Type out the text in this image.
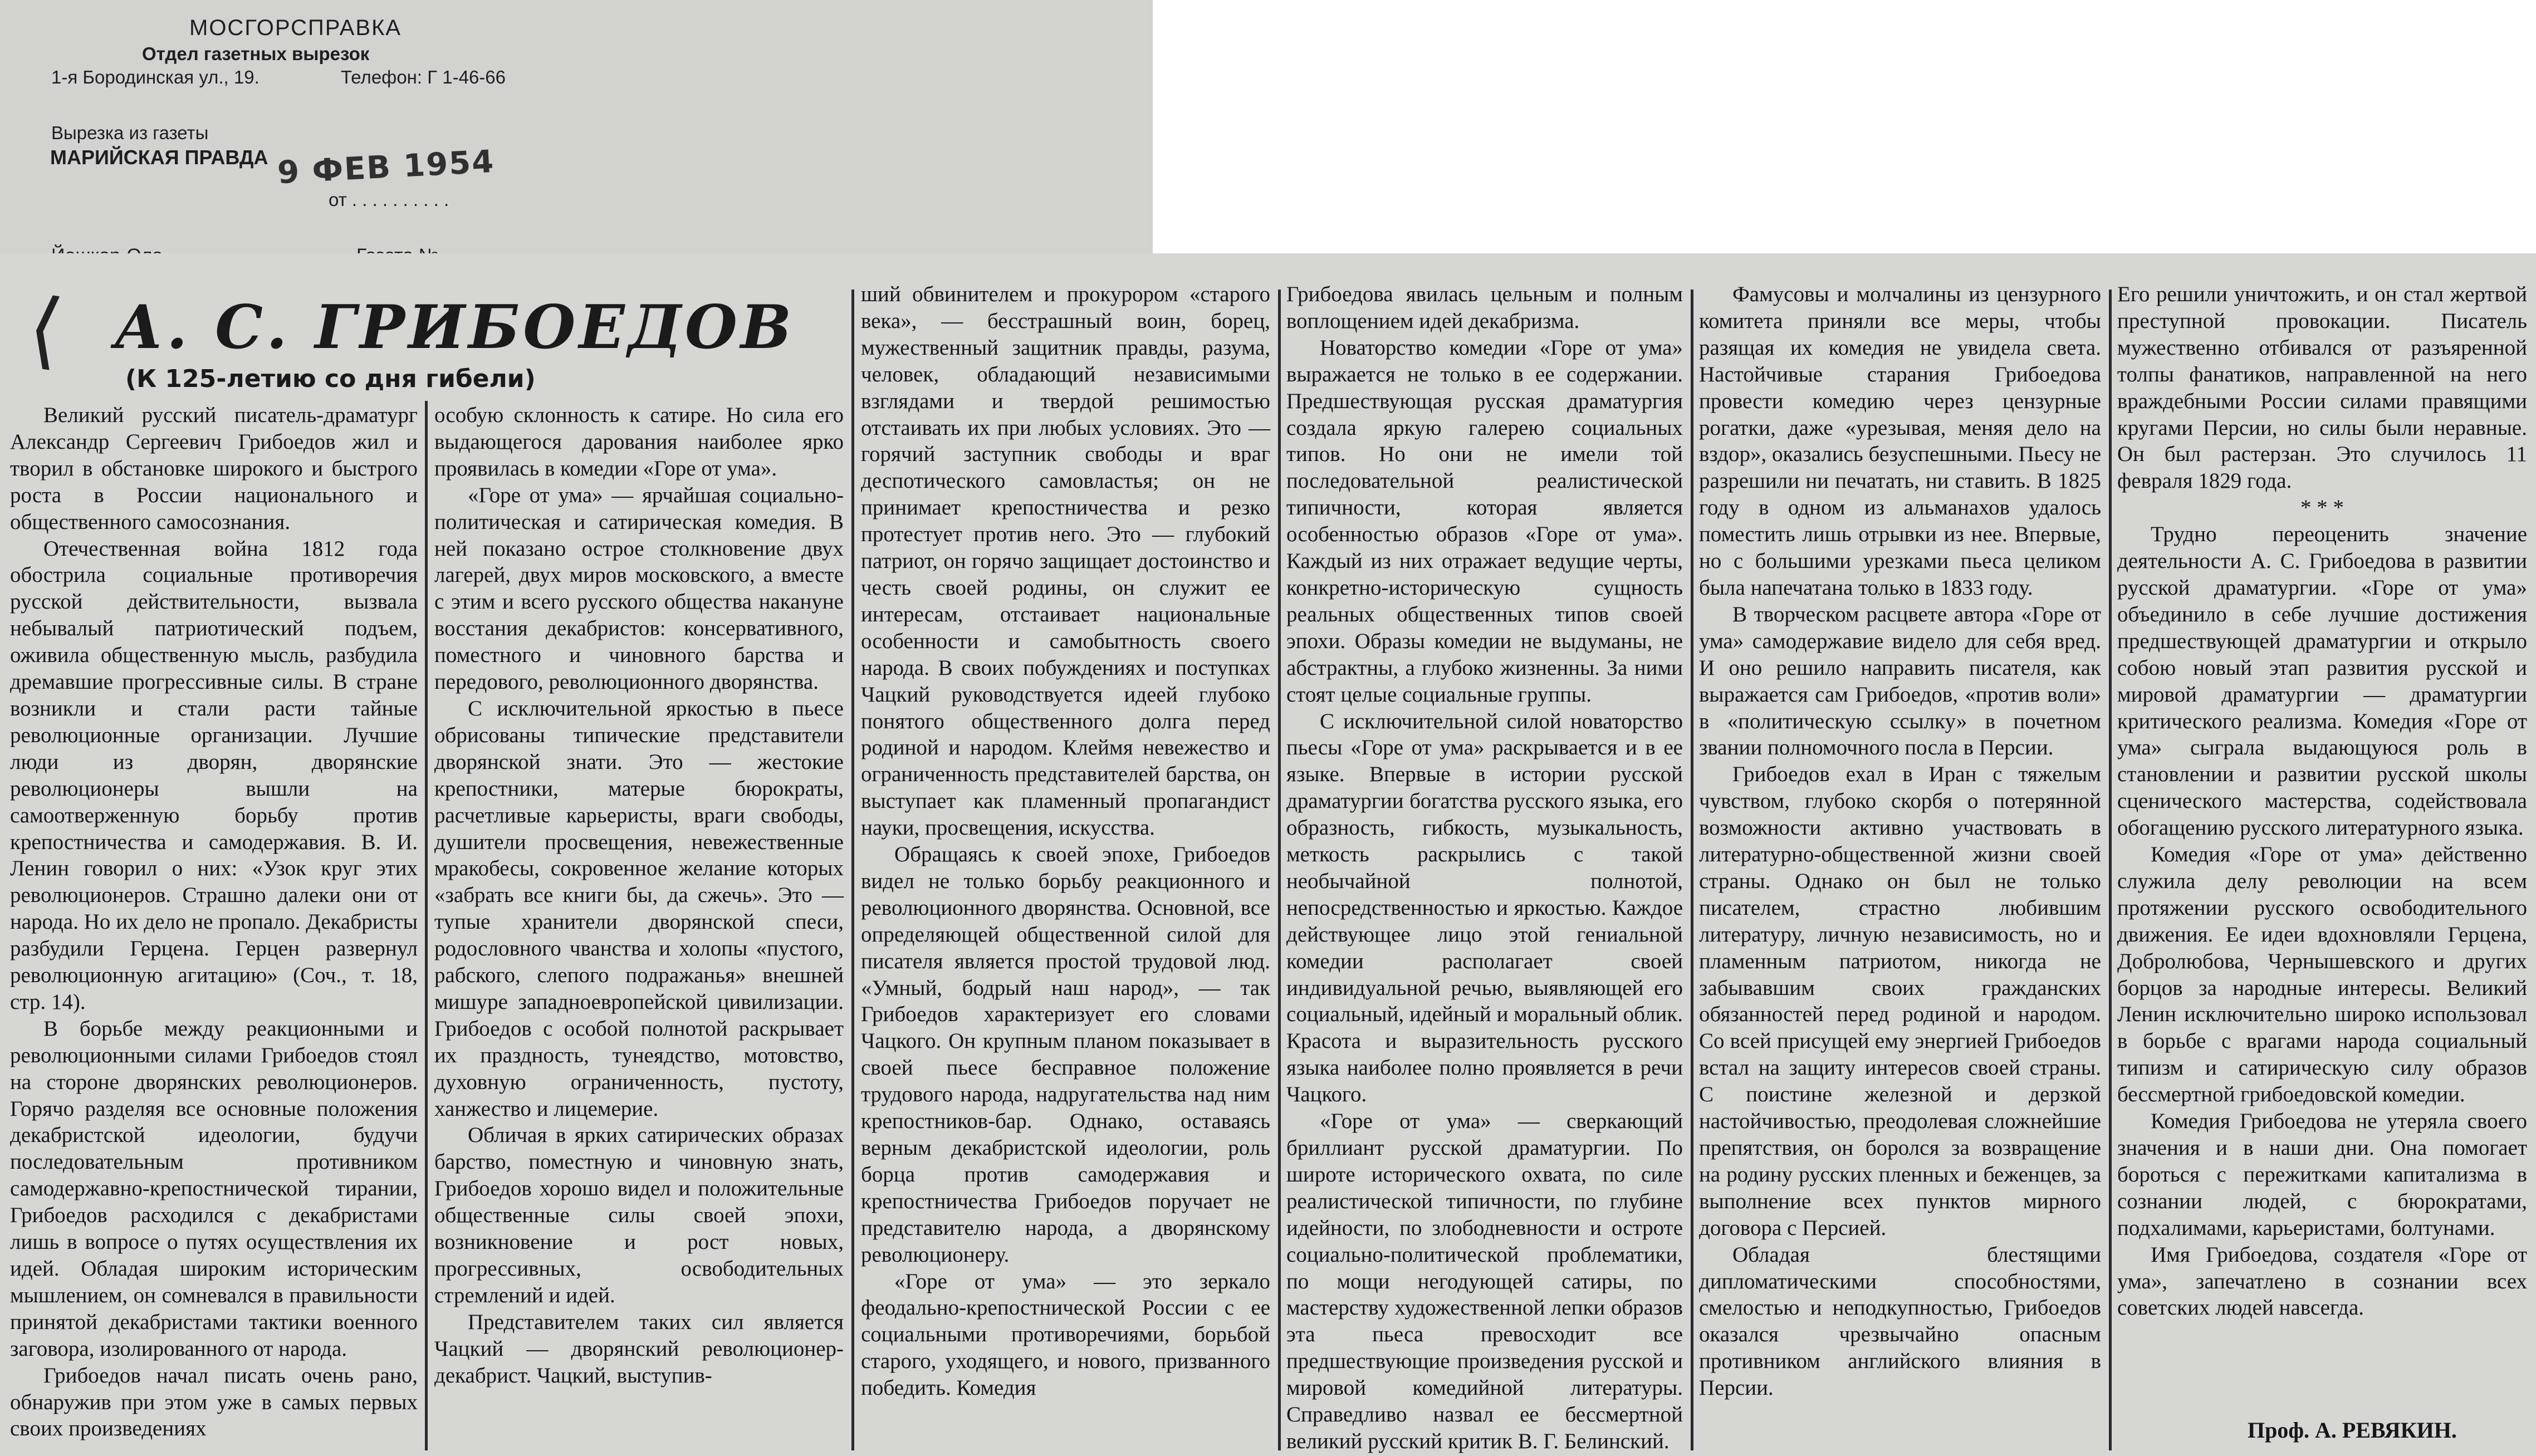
МОСГОРСПРАВКА
Отдел газетных вырезок
1-я Бородинская ул., 19.	Телефон: Г 1-46-66
Вырезка из газеты
МАРИЙСКАЯ ПРАВДА 9 ФЕВ 1954
от . . . . . . . . . .
⟨ А. С. ГРИБОЕДОВ
(К 125-летию со дня гибели)

Великий русский писатель-драматург Александр Сергеевич Грибоедов жил и творил в обстановке широкого и быстрого роста в России национального и общественного самосознания.

Отечественная война 1812 года обострила социальные противоречия русской действительности, вызвала небывалый патриотический подъем, оживила общественную мысль, разбудила дремавшие прогрессивные силы. В стране возникли и стали расти тайные революционные организации. Лучшие люди из дворян, дворянские революционеры вышли на самоотверженную борьбу против крепостничества и самодержавия. В. И. Ленин говорил о них: «Узок круг этих революционеров. Страшно далеки они от народа. Но их дело не пропало. Декабристы разбудили Герцена. Герцен развернул революционную агитацию» (Соч., т. 18, стр. 14).

В борьбе между реакционными и революционными силами Грибоедов стоял на стороне дворянских революционеров. Горячо разделяя все основные положения декабристской идеологии, будучи последовательным противником самодержавно-крепостнической тирании, Грибоедов расходился с декабристами лишь в вопросе о путях осуществления их идей. Обладая широким историческим мышлением, он сомневался в правильности принятой декабристами тактики военного заговора, изолированного от народа.

Грибоедов начал писать очень рано, обнаружив при этом уже в самых первых своих произведениях

особую склонность к сатире. Но сила его выдающегося дарования наиболее ярко проявилась в комедии «Горе от ума».

«Горе от ума» — ярчайшая социально-политическая и сатирическая комедия. В ней показано острое столкновение двух лагерей, двух миров московского, а вместе с этим и всего русского общества накануне восстания декабристов: консервативного, поместного и чиновного барства и передового, революционного дворянства.

С исключительной яркостью в пьесе обрисованы типические представители дворянской знати. Это — жестокие крепостники, матерые бюрократы, расчетливые карьеристы, враги свободы, душители просвещения, невежественные мракобесы, сокровенное желание которых «забрать все книги бы, да сжечь». Это — тупые хранители дворянской спеси, родословного чванства и холопы «пустого, рабского, слепого подражанья» внешней мишуре западноевропейской цивилизации. Грибоедов с особой полнотой раскрывает их праздность, тунеядство, мотовство, духовную ограниченность, пустоту, ханжество и лицемерие.

Обличая в ярких сатирических образах барство, поместную и чиновную знать, Грибоедов хорошо видел и положительные общественные силы своей эпохи, возникновение и рост новых, прогрессивных, освободительных стремлений и идей.

Представителем таких сил является Чацкий — дворянский революционер-декабрист. Чацкий, выступив-

ший обвинителем и прокурором «старого века», — бесстрашный воин, борец, мужественный защитник правды, разума, человек, обладающий независимыми взглядами и твердой решимостью отстаивать их при любых условиях. Это — горячий заступник свободы и враг деспотического самовластья; он не принимает крепостничества и резко протестует против него. Это — глубокий патриот, он горячо защищает достоинство и честь своей родины, он служит ее интересам, отстаивает национальные особенности и самобытность своего народа. В своих побуждениях и поступках Чацкий руководствуется идеей глубоко понятого общественного долга перед родиной и народом. Клеймя невежество и ограниченность представителей барства, он выступает как пламенный пропагандист науки, просвещения, искусства.

Обращаясь к своей эпохе, Грибоедов видел не только борьбу реакционного и революционного дворянства. Основной, все определяющей общественной силой для писателя является простой трудовой люд. «Умный, бодрый наш народ», — так Грибоедов характеризует его словами Чацкого. Он крупным планом показывает в своей пьесе бесправное положение трудового народа, надругательства над ним крепостников-бар. Однако, оставаясь верным декабристской идеологии, роль борца против самодержавия и крепостничества Грибоедов поручает не представителю народа, а дворянскому революционеру.

«Горе от ума» — это зеркало феодально-крепостнической России с ее социальными противоречиями, борьбой старого, уходящего, и нового, призванного победить. Комедия

Грибоедова явилась цельным и полным воплощением идей декабризма.

Новаторство комедии «Горе от ума» выражается не только в ее содержании. Предшествующая русская драматургия создала яркую галерею социальных типов. Но они не имели той последовательной реалистической типичности, которая является особенностью образов «Горе от ума». Каждый из них отражает ведущие черты, конкретно-историческую сущность реальных общественных типов своей эпохи. Образы комедии не выдуманы, не абстрактны, а глубоко жизненны. За ними стоят целые социальные группы.

С исключительной силой новаторство пьесы «Горе от ума» раскрывается и в ее языке. Впервые в истории русской драматургии богатства русского языка, его образность, гибкость, музыкальность, меткость раскрылись с такой необычайной полнотой, непосредственностью и яркостью. Каждое действующее лицо этой гениальной комедии располагает своей индивидуальной речью, выявляющей его социальный, идейный и моральный облик. Красота и выразительность русского языка наиболее полно проявляется в речи Чацкого.

«Горе от ума» — сверкающий бриллиант русской драматургии. По широте исторического охвата, по силе реалистической типичности, по глубине идейности, по злободневности и остроте социально-политической проблематики, по мощи негодующей сатиры, по мастерству художественной лепки образов эта пьеса превосходит все предшествующие произведения русской и мировой комедийной литературы. Справедливо назвал ее бессмертной великий русский критик В. Г. Белинский.

Фамусовы и молчалины из цензурного комитета приняли все меры, чтобы разящая их комедия не увидела света. Настойчивые старания Грибоедова провести комедию через цензурные рогатки, даже «урезывая, меняя дело на вздор», оказались безуспешными. Пьесу не разрешили ни печатать, ни ставить. В 1825 году в одном из альманахов удалось поместить лишь отрывки из нее. Впервые, но с большими урезками пьеса целиком была напечатана только в 1833 году.

В творческом расцвете автора «Горе от ума» самодержавие видело для себя вред. И оно решило направить писателя, как выражается сам Грибоедов, «против воли» в «политическую ссылку» в почетном звании полномочного посла в Персии.

Грибоедов ехал в Иран с тяжелым чувством, глубоко скорбя о потерянной возможности активно участвовать в литературно-общественной жизни своей страны. Однако он был не только писателем, страстно любившим литературу, личную независимость, но и пламенным патриотом, никогда не забывавшим своих гражданских обязанностей перед родиной и народом. Со всей присущей ему энергией Грибоедов встал на защиту интересов своей страны. С поистине железной и дерзкой настойчивостью, преодолевая сложнейшие препятствия, он боролся за возвращение на родину русских пленных и беженцев, за выполнение всех пунктов мирного договора с Персией.

Обладая блестящими дипломатическими способностями, смелостью и неподкупностью, Грибоедов оказался чрезвычайно опасным противником английского влияния в Персии.

Его решили уничтожить, и он стал жертвой преступной провокации. Писатель мужественно отбивался от разъяренной толпы фанатиков, направленной на него враждебными России силами правящими кругами Персии, но силы были неравные. Он был растерзан. Это случилось 11 февраля 1829 года.

* * *

Трудно переоценить значение деятельности А. С. Грибоедова в развитии русской драматургии. «Горе от ума» объединило в себе лучшие достижения предшествующей драматургии и открыло собою новый этап развития русской и мировой драматургии — драматургии критического реализма. Комедия «Горе от ума» сыграла выдающуюся роль в становлении и развитии русской школы сценического мастерства, содействовала обогащению русского литературного языка.

Комедия «Горе от ума» действенно служила делу революции на всем протяжении русского освободительного движения. Ее идеи вдохновляли Герцена, Добролюбова, Чернышевского и других борцов за народные интересы. Великий Ленин исключительно широко использовал в борьбе с врагами народа социальный типизм и сатирическую силу образов бессмертной грибоедовской комедии.

Комедия Грибоедова не утеряла своего значения и в наши дни. Она помогает бороться с пережитками капитализма в сознании людей, с бюрократами, подхалимами, карьеристами, болтунами.

Имя Грибоедова, создателя «Горе от ума», запечатлено в сознании всех советских людей навсегда.

Проф. А. РЕВЯКИН.
